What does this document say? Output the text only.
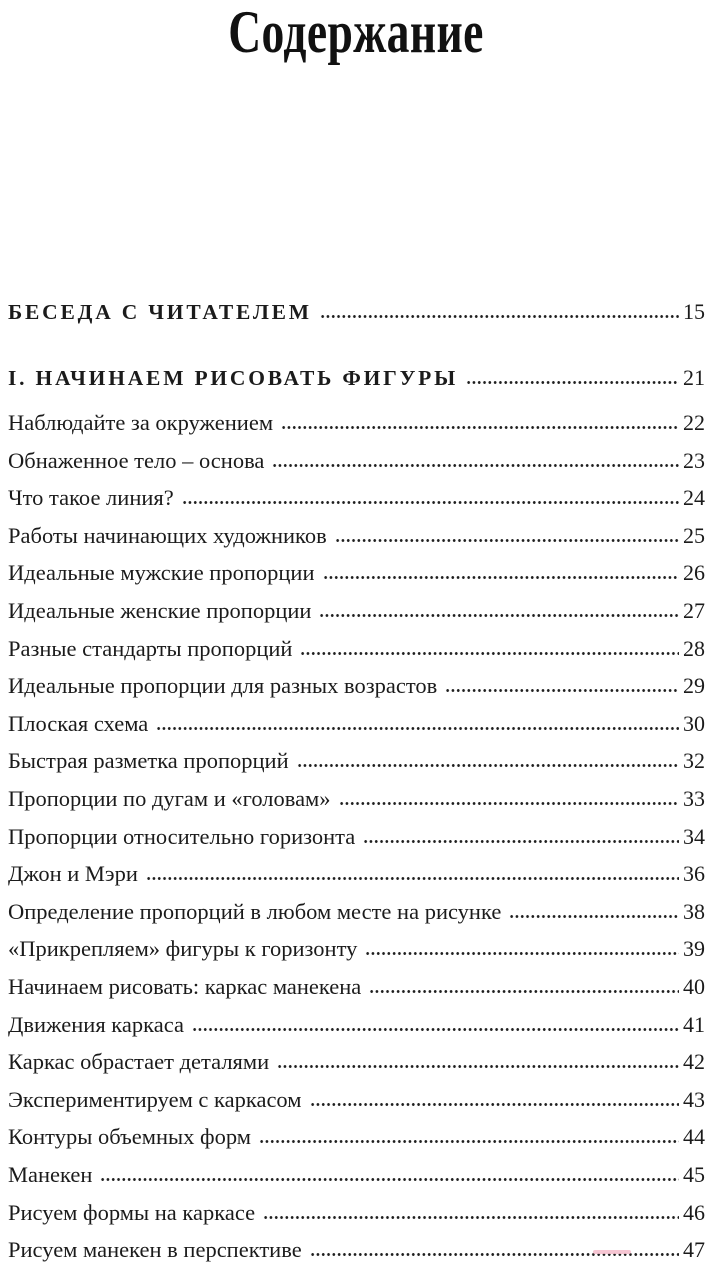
Содержание
БЕСЕДА С ЧИТАТЕЛЕМ	15
I. НАЧИНАЕМ РИСОВАТЬ ФИГУРЫ	21
Наблюдайте за окружением	22
Обнаженное тело – основа	23
Что такое линия?	24
Работы начинающих художников	25
Идеальные мужские пропорции	26
Идеальные женские пропорции	27
Разные стандарты пропорций	28
Идеальные пропорции для разных возрастов	29
Плоская схема	30
Быстрая разметка пропорций	32
Пропорции по дугам и «головам»	33
Пропорции относительно горизонта	34
Джон и Мэри	36
Определение пропорций в любом месте на рисунке	38
«Прикрепляем» фигуры к горизонту	39
Начинаем рисовать: каркас манекена	40
Движения каркаса	41
Каркас обрастает деталями	42
Экспериментируем с каркасом	43
Контуры объемных форм	44
Манекен	45
Рисуем формы на каркасе	46
Рисуем манекен в перспективе	47
